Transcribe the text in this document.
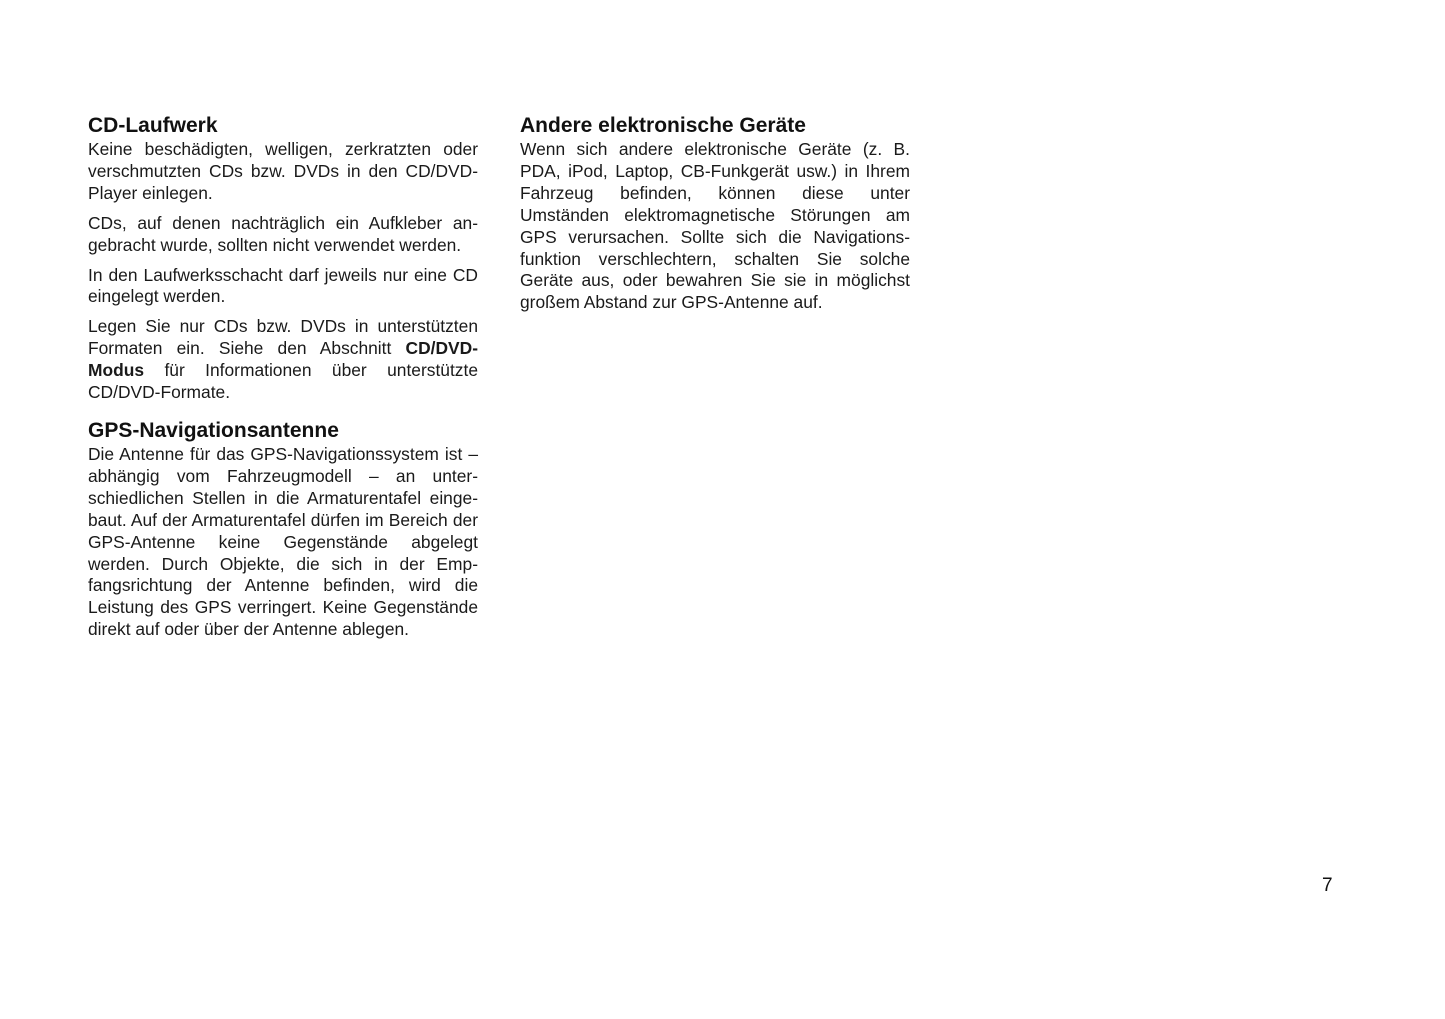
CD-Laufwerk

Keine beschädigten, welligen, zerkratzten oder verschmutzten CDs bzw. DVDs in den CD/DVD-Player einlegen.

CDs, auf denen nachträglich ein Aufkleber angebracht wurde, sollten nicht verwendet werden.

In den Laufwerksschacht darf jeweils nur eine CD eingelegt werden.

Legen Sie nur CDs bzw. DVDs in unterstützten Formaten ein. Siehe den Abschnitt CD/DVD-Modus für Informationen über unterstützte CD/DVD-Formate.

GPS-Navigationsantenne

Die Antenne für das GPS-Navigationssystem ist – abhängig vom Fahrzeugmodell – an unterschiedlichen Stellen in die Armaturentafel eingebaut. Auf der Armaturentafel dürfen im Bereich der GPS-Antenne keine Gegenstände abgelegt werden. Durch Objekte, die sich in der Empfangsrichtung der Antenne befinden, wird die Leistung des GPS verringert. Keine Gegenstände direkt auf oder über der Antenne ablegen.

Andere elektronische Geräte

Wenn sich andere elektronische Geräte (z. B. PDA, iPod, Laptop, CB-Funkgerät usw.) in Ihrem Fahrzeug befinden, können diese unter Umständen elektromagnetische Störungen am GPS verursachen. Sollte sich die Navigationsfunktion verschlechtern, schalten Sie solche Geräte aus, oder bewahren Sie sie in möglichst großem Abstand zur GPS-Antenne auf.

7
